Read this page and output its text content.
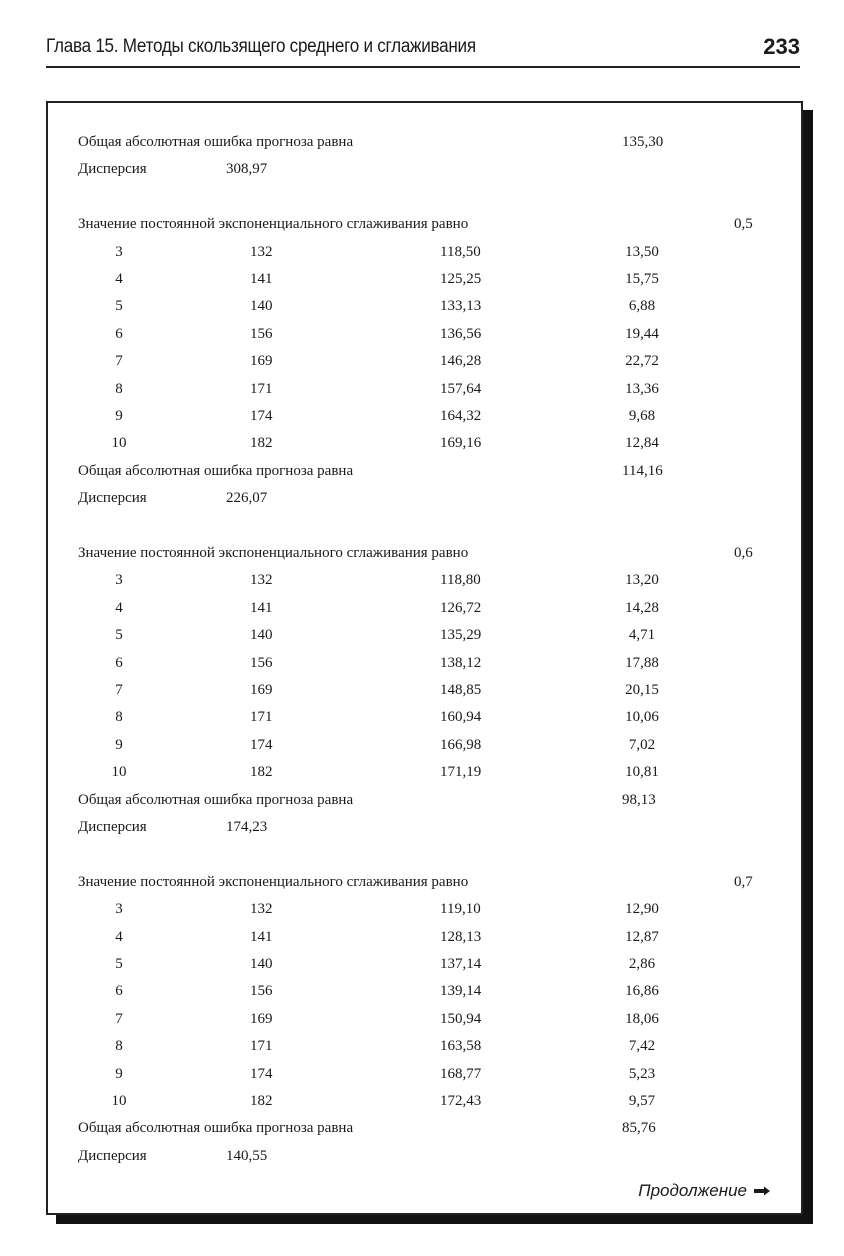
Глава 15. Методы скользящего среднего и сглаживания	233
Продолжение
Общая абсолютная ошибка прогноза равна	135,30
Дисперсия	308,97
Значение постоянной экспоненциального сглаживания равно	0,5
3	132	118,50	13,50
4	141	125,25	15,75
5	140	133,13	6,88
6	156	136,56	19,44
7	169	146,28	22,72
8	171	157,64	13,36
9	174	164,32	9,68
10	182	169,16	12,84
Общая абсолютная ошибка прогноза равна	114,16
Дисперсия	226,07
Значение постоянной экспоненциального сглаживания равно	0,6
3	132	118,80	13,20
4	141	126,72	14,28
5	140	135,29	4,71
6	156	138,12	17,88
7	169	148,85	20,15
8	171	160,94	10,06
9	174	166,98	7,02
10	182	171,19	10,81
Общая абсолютная ошибка прогноза равна	98,13
Дисперсия	174,23
Значение постоянной экспоненциального сглаживания равно	0,7
3	132	119,10	12,90
4	141	128,13	12,87
5	140	137,14	2,86
6	156	139,14	16,86
7	169	150,94	18,06
8	171	163,58	7,42
9	174	168,77	5,23
10	182	172,43	9,57
Общая абсолютная ошибка прогноза равна	85,76
Дисперсия	140,55
